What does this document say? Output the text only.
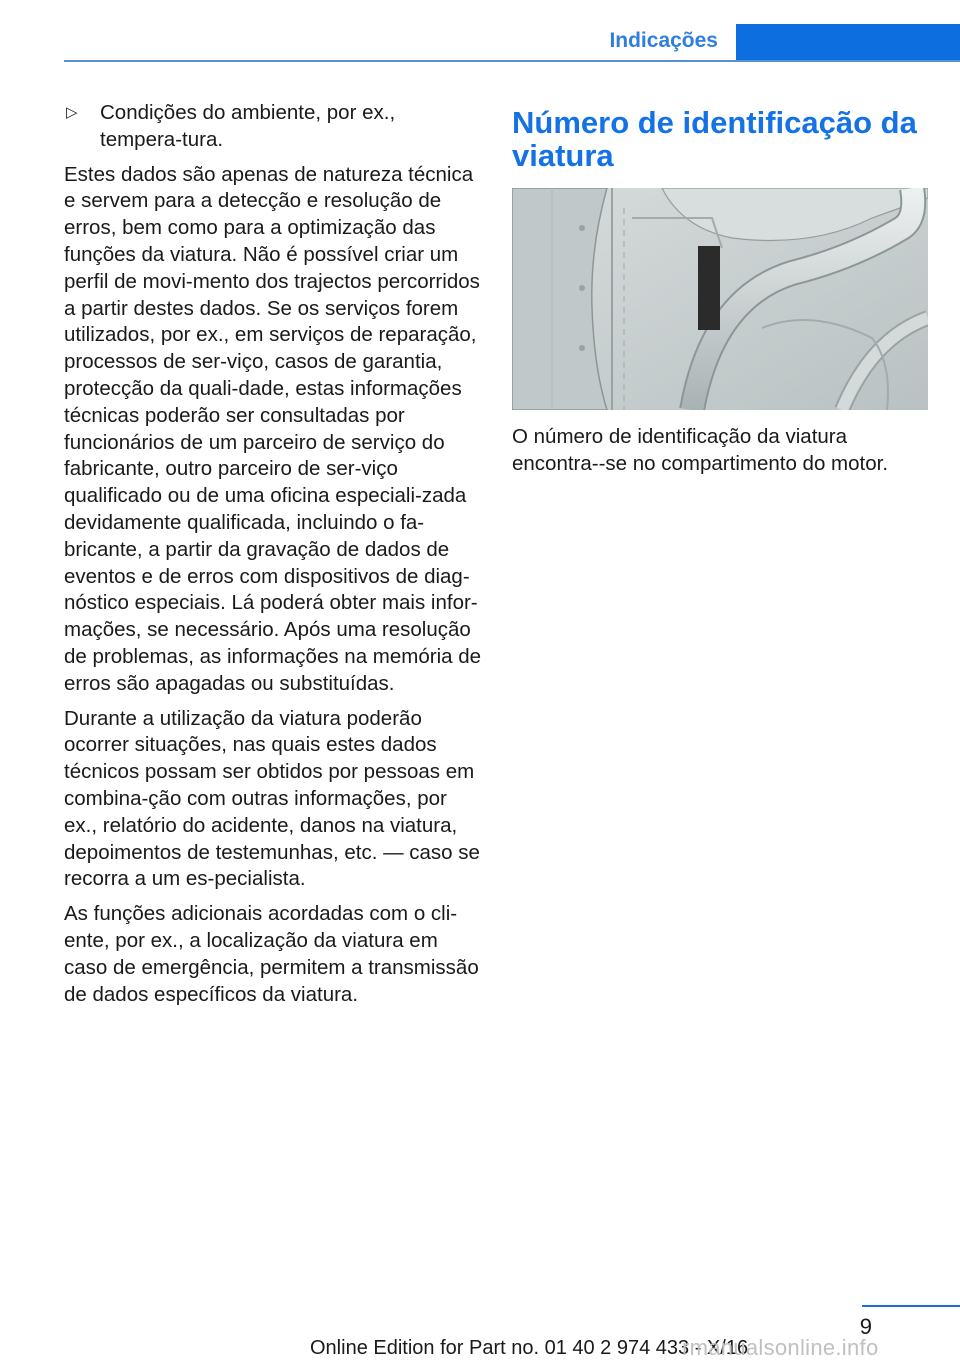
Indicações
▷ Condições do ambiente, por ex., tempera‐tura.

Estes dados são apenas de natureza técnica e servem para a detecção e resolução de erros, bem como para a optimização das funções da viatura. Não é possível criar um perfil de movi‐mento dos trajectos percorridos a partir destes dados. Se os serviços forem utilizados, por ex., em serviços de reparação, processos de ser‐viço, casos de garantia, protecção da quali‐dade, estas informações técnicas poderão ser consultadas por funcionários de um parceiro de serviço do fabricante, outro parceiro de ser‐viço qualificado ou de uma oficina especiali‐zada devidamente qualificada, incluindo o fa‐bricante, a partir da gravação de dados de eventos e de erros com dispositivos de diag‐nóstico especiais. Lá poderá obter mais infor‐mações, se necessário. Após uma resolução de problemas, as informações na memória de erros são apagadas ou substituídas.

Durante a utilização da viatura poderão ocorrer situações, nas quais estes dados técnicos possam ser obtidos por pessoas em combina‐ção com outras informações, por ex., relatório do acidente, danos na viatura, depoimentos de testemunhas, etc. — caso se recorra a um es‐pecialista.

As funções adicionais acordadas com o cli‐ente, por ex., a localização da viatura em caso de emergência, permitem a transmissão de dados específicos da viatura.

Número de identificação da viatura

O número de identificação da viatura encontra‐-se no compartimento do motor.

9
Online Edition for Part no. 01 40 2 974 433 - X/16
rmanualsonline.info
